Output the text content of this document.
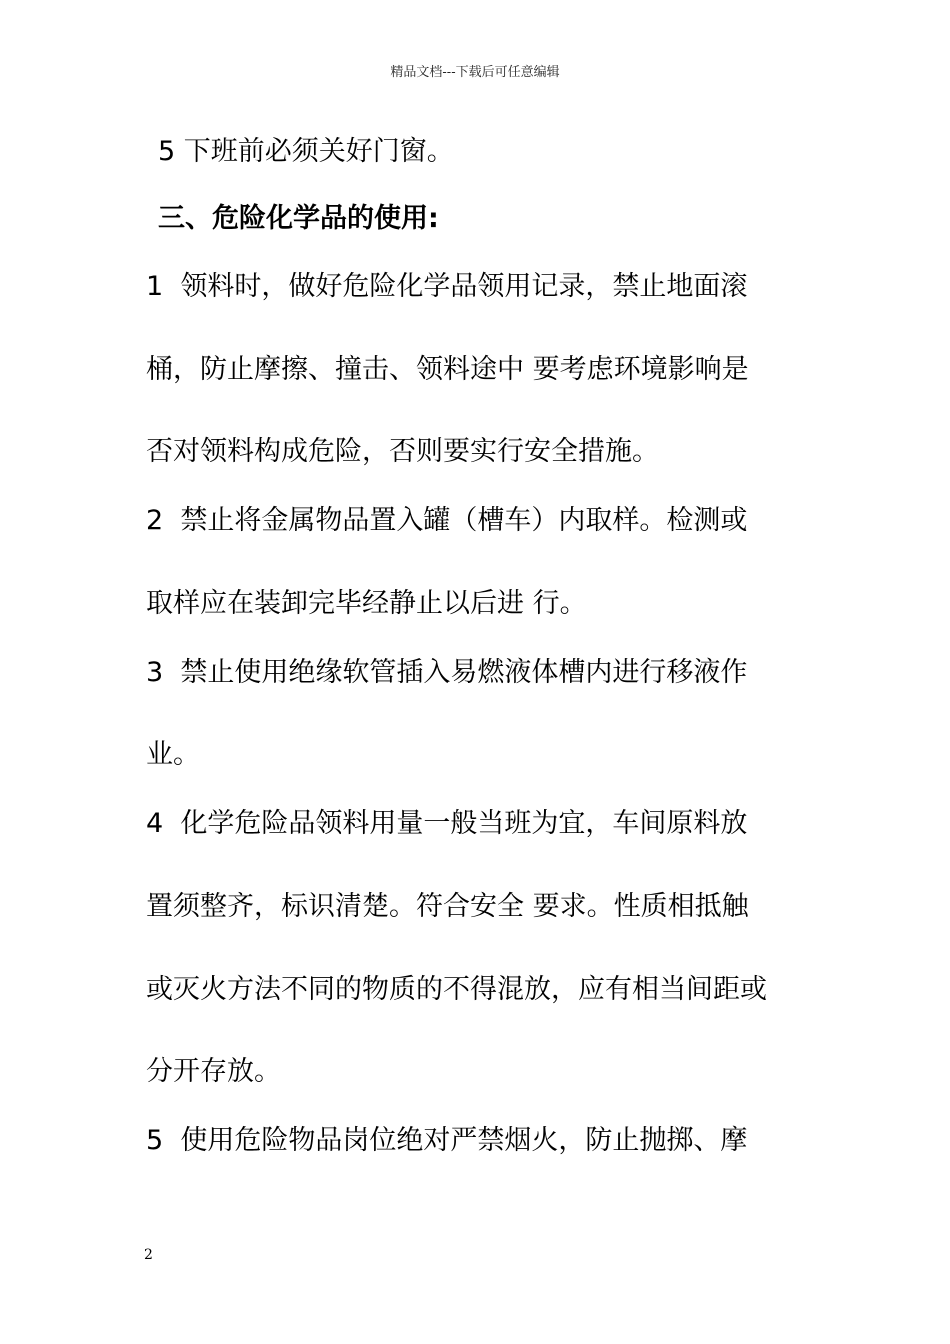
精品文档---下载后可任意编辑
5 下班前必须关好门窗。
三、危险化学品的使用:
1  领料时，做好危险化学品领用记录，禁止地面滚
桶，防止摩擦、撞击、领料途中 要考虑环境影响是
否对领料构成危险，否则要实行安全措施。
2  禁止将金属物品置入罐（槽车）内取样。检测或
取样应在装卸完毕经静止以后进 行。
3  禁止使用绝缘软管插入易燃液体槽内进行移液作
业。
4  化学危险品领料用量一般当班为宜，车间原料放
置须整齐，标识清楚。符合安全 要求。性质相抵触
或灭火方法不同的物质的不得混放，应有相当间距或
分开存放。
5  使用危险物品岗位绝对严禁烟火，防止抛掷、摩
2
